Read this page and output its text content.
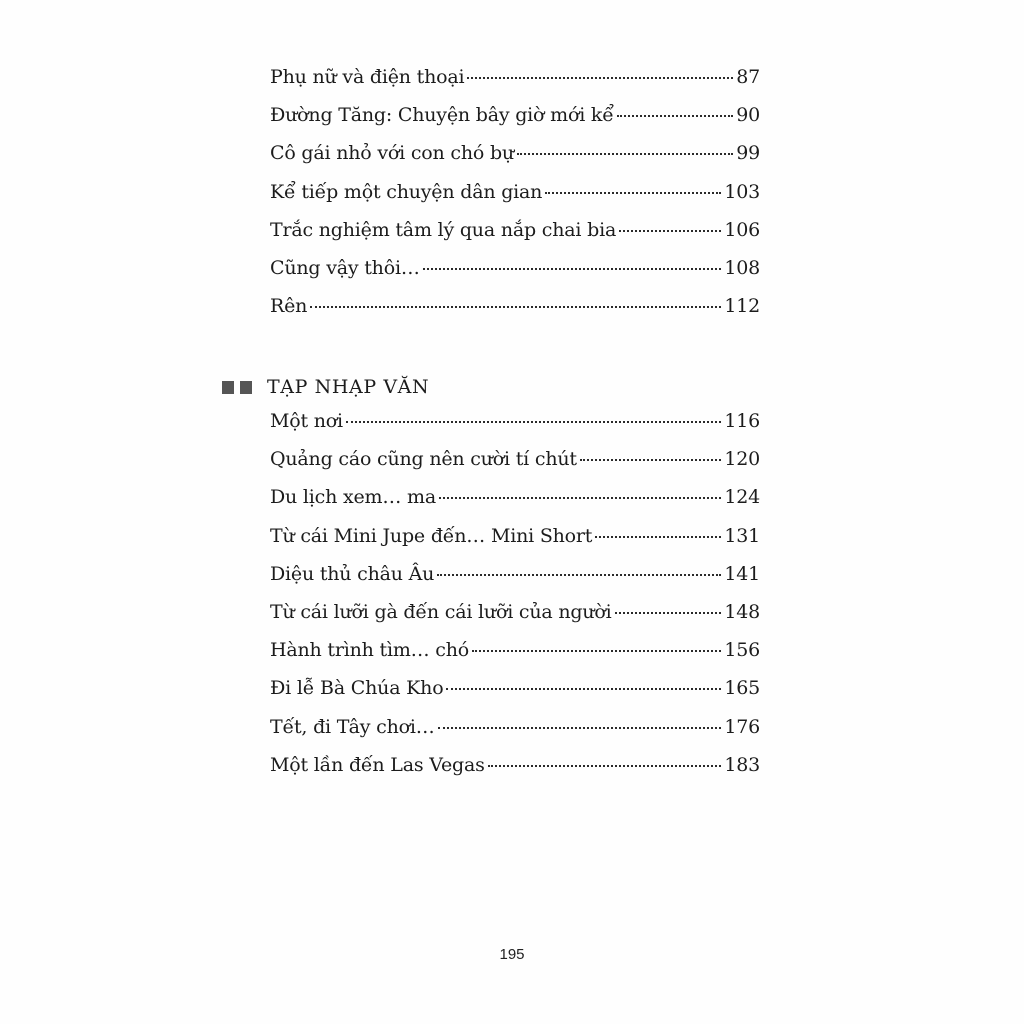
Phụ nữ và điện thoại	87
Đường Tăng: Chuyện bây giờ mới kể	90
Cô gái nhỏ với con chó bự	99
Kể tiếp một chuyện dân gian	103
Trắc nghiệm tâm lý qua nắp chai bia	106
Cũng vậy thôi…	108
Rên	112
TẠP NHẠP VĂN
Một nơi	116
Quảng cáo cũng nên cười tí chút	120
Du lịch xem… ma	124
Từ cái Mini Jupe đến… Mini Short	131
Diệu thủ châu Âu	141
Từ cái lưỡi gà đến cái lưỡi của người	148
Hành trình tìm… chó	156
Đi lễ Bà Chúa Kho	165
Tết, đi Tây chơi…	176
Một lần đến Las Vegas	183
195
